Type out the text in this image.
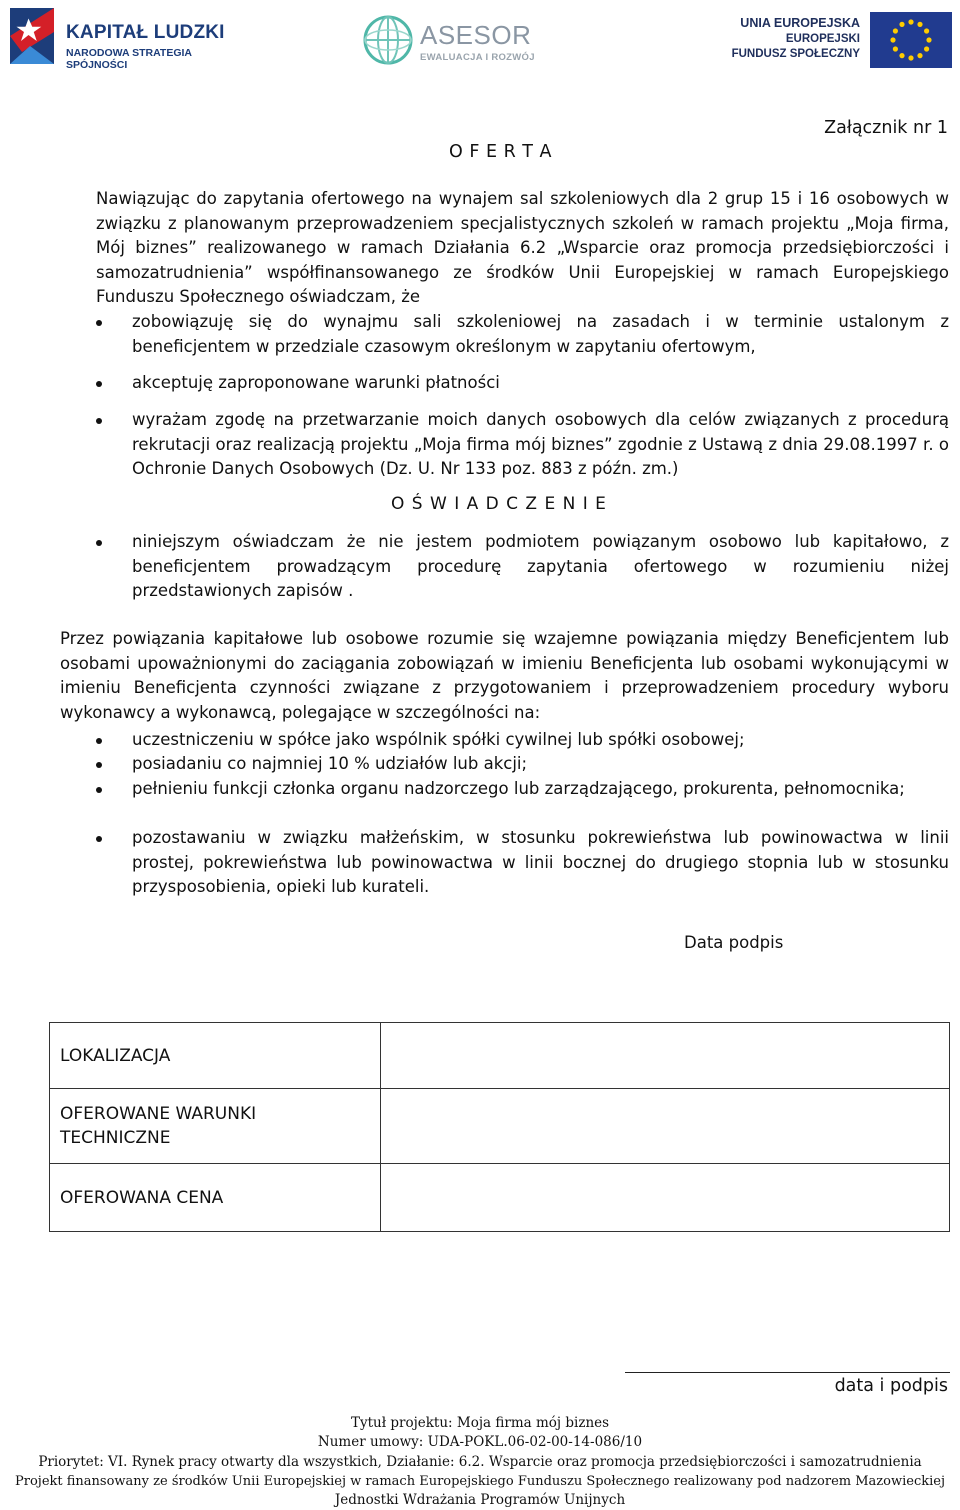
KAPITAŁ LUDZKI
NARODOWA STRATEGIA SPÓJNOŚCI
ASESOR
EWALUACJA I ROZWÓJ
UNIA EUROPEJSKA
EUROPEJSKI
FUNDUSZ SPOŁECZNY
Załącznik nr 1
O F E R T A
Nawiązując do zapytania ofertowego na wynajem sal szkoleniowych dla 2 grup 15 i 16 osobowych w związku z planowanym przeprowadzeniem specjalistycznych szkoleń w ramach projektu „Moja firma, Mój biznes” realizowanego w ramach Działania 6.2 „Wsparcie oraz promocja przedsiębiorczości i samozatrudnienia” współfinansowanego ze środków Unii Europejskiej w ramach Europejskiego Funduszu Społecznego oświadczam, że
zobowiązuję się do wynajmu sali szkoleniowej na zasadach i w terminie ustalonym z beneficjentem w przedziale czasowym określonym w zapytaniu ofertowym,
akceptuję zaproponowane warunki płatności
wyrażam zgodę na przetwarzanie moich danych osobowych dla celów związanych z procedurą rekrutacji oraz realizacją projektu „Moja firma mój biznes” zgodnie z Ustawą z dnia 29.08.1997 r. o Ochronie Danych Osobowych (Dz. U. Nr 133 poz. 883 z późn. zm.)
O Ś W I A D C Z E N I E
niniejszym oświadczam że nie jestem podmiotem powiązanym osobowo lub kapitałowo, z beneficjentem prowadzącym procedurę zapytania ofertowego w rozumieniu niżej przedstawionych zapisów .
Przez powiązania kapitałowe lub osobowe rozumie się wzajemne powiązania między Beneficjentem lub osobami upoważnionymi do zaciągania zobowiązań w imieniu Beneficjenta lub osobami wykonującymi w imieniu Beneficjenta czynności związane z przygotowaniem i przeprowadzeniem procedury wyboru wykonawcy a wykonawcą, polegające w szczególności na:
uczestniczeniu w spółce jako wspólnik spółki cywilnej lub spółki osobowej;
posiadaniu co najmniej 10 % udziałów lub akcji;
pełnieniu funkcji członka organu nadzorczego lub zarządzającego, prokurenta, pełnomocnika;
pozostawaniu w związku małżeńskim, w stosunku pokrewieństwa lub powinowactwa w linii prostej, pokrewieństwa lub powinowactwa w linii bocznej do drugiego stopnia lub w stosunku przysposobienia, opieki lub kurateli.
Data podpis
LOKALIZACJA	
OFEROWANE WARUNKI TECHNICZNE	
OFEROWANA CENA	
data i podpis
Tytuł projektu: Moja firma mój biznes
Numer umowy: UDA-POKL.06-02-00-14-086/10
Priorytet: VI. Rynek pracy otwarty dla wszystkich, Działanie: 6.2. Wsparcie oraz promocja przedsiębiorczości i samozatrudnienia
Projekt finansowany ze środków Unii Europejskiej w ramach Europejskiego Funduszu Społecznego realizowany pod nadzorem Mazowieckiej
Jednostki Wdrażania Programów Unijnych
